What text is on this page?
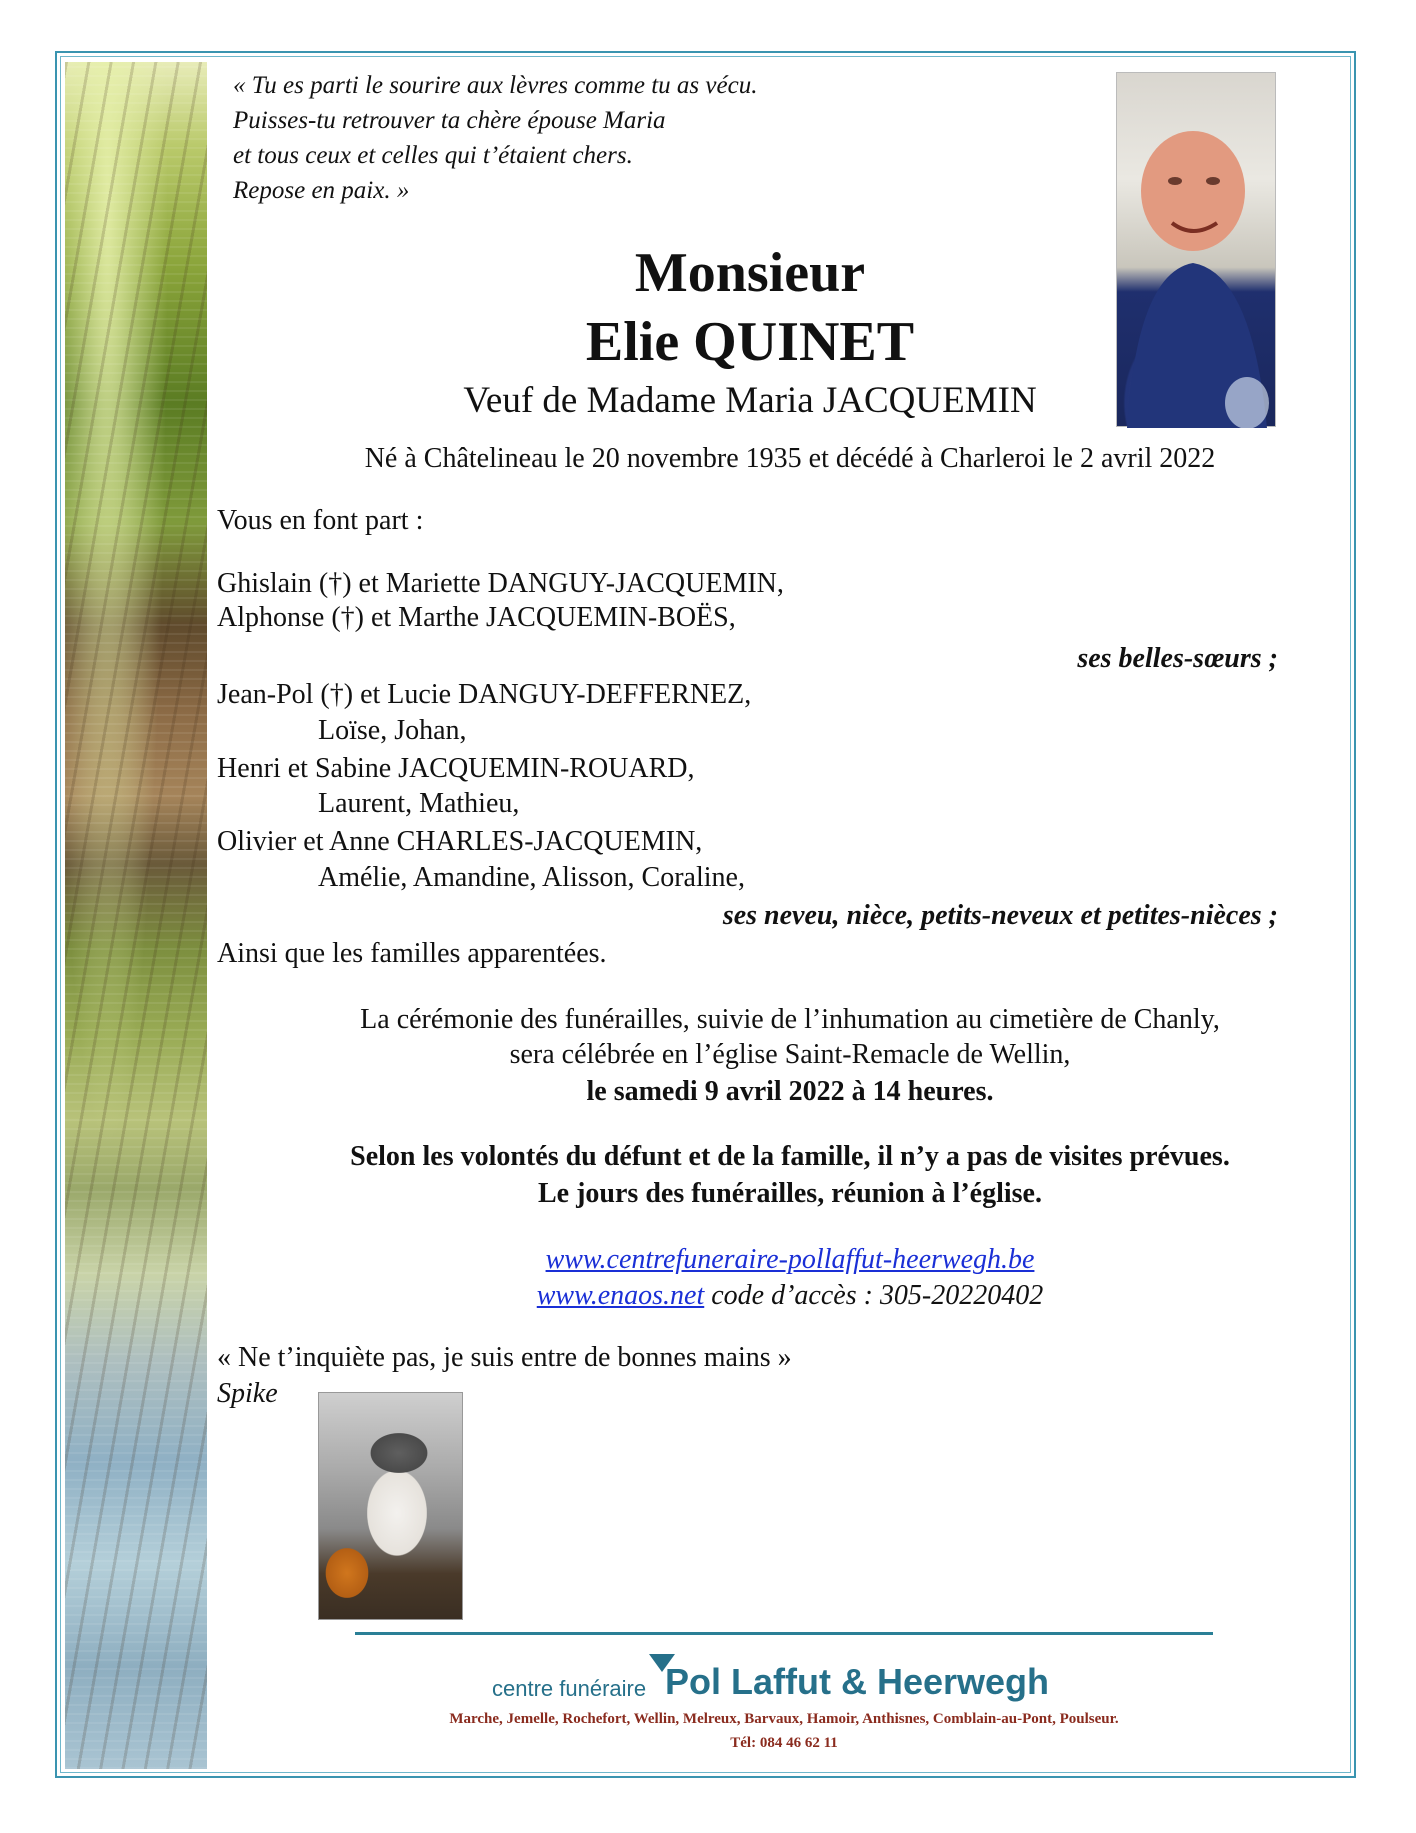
« Tu es parti le sourire aux lèvres comme tu as vécu.
Puisses-tu retrouver ta chère épouse Maria
et tous ceux et celles qui t’étaient chers.
Repose en paix. »
Monsieur
Elie QUINET
Veuf de Madame Maria JACQUEMIN
Né à Châtelineau le 20 novembre 1935 et décédé à Charleroi le 2 avril 2022
Vous en font part :
Ghislain (†) et Mariette DANGUY-JACQUEMIN,
Alphonse (†) et Marthe JACQUEMIN-BOËS,
ses belles-sœurs ;
Jean-Pol (†) et Lucie DANGUY-DEFFERNEZ,
Loïse, Johan,
Henri et Sabine JACQUEMIN-ROUARD,
Laurent, Mathieu,
Olivier et Anne CHARLES-JACQUEMIN,
Amélie, Amandine, Alisson, Coraline,
ses neveu, nièce, petits-neveux et petites-nièces ;
Ainsi que les familles apparentées.
La cérémonie des funérailles, suivie de l’inhumation au cimetière de Chanly,
sera célébrée en l’église Saint-Remacle de Wellin,
le samedi 9 avril 2022 à 14 heures.
Selon les volontés du défunt et de la famille, il n’y a pas de visites prévues.
Le jours des funérailles, réunion à l’église.
www.centrefuneraire-pollaffut-heerwegh.be
www.enaos.net code d’accès : 305-20220402
« Ne t’inquiète pas, je suis entre de bonnes mains »
Spike
centre funéraire Pol Laffut & Heerwegh
Marche, Jemelle, Rochefort, Wellin, Melreux, Barvaux, Hamoir, Anthisnes, Comblain-au-Pont, Poulseur.
Tél: 084 46 62 11
